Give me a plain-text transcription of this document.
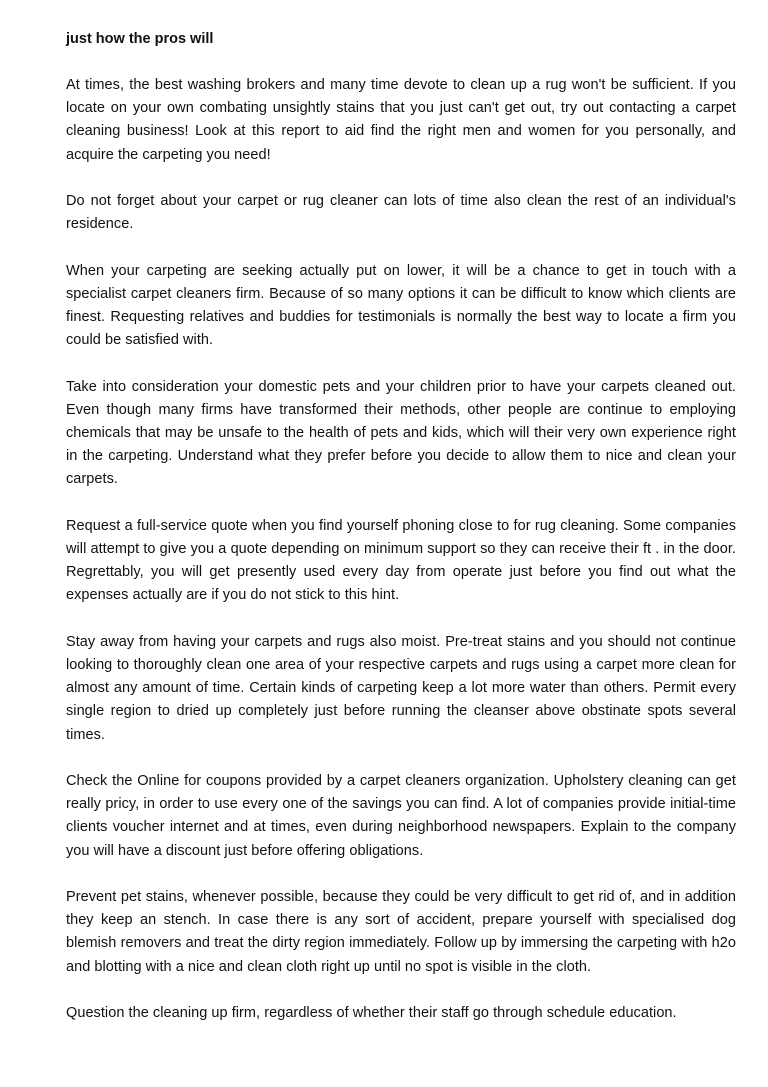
just how the pros will

At times, the best washing brokers and many time devote to clean up a rug won't be sufficient. If you locate on your own combating unsightly stains that you just can't get out, try out contacting a carpet cleaning business! Look at this report to aid find the right men and women for you personally, and acquire the carpeting you need!

Do not forget about your carpet or rug cleaner can lots of time also clean the rest of an individual's residence.

When your carpeting are seeking actually put on lower, it will be a chance to get in touch with a specialist carpet cleaners firm. Because of so many options it can be difficult to know which clients are finest. Requesting relatives and buddies for testimonials is normally the best way to locate a firm you could be satisfied with.

Take into consideration your domestic pets and your children prior to have your carpets cleaned out. Even though many firms have transformed their methods, other people are continue to employing chemicals that may be unsafe to the health of pets and kids, which will their very own experience right in the carpeting. Understand what they prefer before you decide to allow them to nice and clean your carpets.

Request a full-service quote when you find yourself phoning close to for rug cleaning. Some companies will attempt to give you a quote depending on minimum support so they can receive their ft . in the door. Regrettably, you will get presently used every day from operate just before you find out what the expenses actually are if you do not stick to this hint.

Stay away from having your carpets and rugs also moist. Pre-treat stains and you should not continue looking to thoroughly clean one area of your respective carpets and rugs using a carpet more clean for almost any amount of time. Certain kinds of carpeting keep a lot more water than others. Permit every single region to dried up completely just before running the cleanser above obstinate spots several times.

Check the Online for coupons provided by a carpet cleaners organization. Upholstery cleaning can get really pricy, in order to use every one of the savings you can find. A lot of companies provide initial-time clients voucher internet and at times, even during neighborhood newspapers. Explain to the company you will have a discount just before offering obligations.

Prevent pet stains, whenever possible, because they could be very difficult to get rid of, and in addition they keep an stench. In case there is any sort of accident, prepare yourself with specialised dog blemish removers and treat the dirty region immediately. Follow up by immersing the carpeting with h2o and blotting with a nice and clean cloth right up until no spot is visible in the cloth.

Question the cleaning up firm, regardless of whether their staff go through schedule education.
